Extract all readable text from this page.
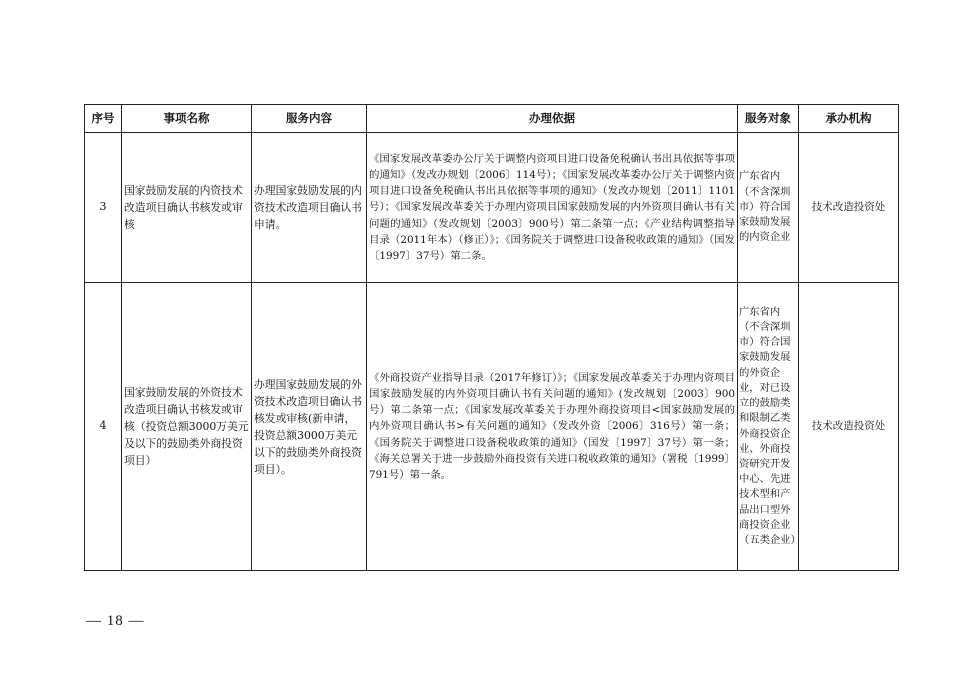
序号	事项名称	服务内容	办理依据	服务对象	承办机构
3	国家鼓励发展的内资技术改造项目确认书核发或审核	办理国家鼓励发展的内资技术改造项目确认书申请。	《国家发展改革委办公厅关于调整内资项目进口设备免税确认书出具依据等事项的通知》（发改办规划〔2006〕114号）；《国家发展改革委办公厅关于调整内资项目进口设备免税确认书出具依据等事项的通知》（发改办规划〔2011〕1101号）；《国家发展改革委关于办理内资项目国家鼓励发展的内外资项目确认书有关问题的通知》（发改规划〔2003〕900号）第二条第一点；《产业结构调整指导目录（2011年本）（修正）》；《国务院关于调整进口设备税收政策的通知》（国发〔1997〕37号）第二条。	广东省内（不含深圳市）符合国家鼓励发展的内资企业	技术改造投资处
4	国家鼓励发展的外资技术改造项目确认书核发或审核（投资总额3000万美元及以下的鼓励类外商投资项目）	办理国家鼓励发展的外资技术改造项目确认书核发或审核(新申请，投资总额3000万美元以下的鼓励类外商投资项目）。	《外商投资产业指导目录（2017年修订）》；《国家发展改革委关于办理内资项目国家鼓励发展的内外资项目确认书有关问题的通知》(发改规划〔2003〕900号）第二条第一点；《国家发展改革委关于办理外商投资项目<国家鼓励发展的内外资项目确认书>有关问题的通知》（发改外资〔2006〕316号）第一条；《国务院关于调整进口设备税收政策的通知》（国发〔1997〕37号）第一条；《海关总署关于进一步鼓励外商投资有关进口税收政策的通知》（署税〔1999〕791号）第一条。	广东省内（不含深圳市）符合国家鼓励发展的外资企业，对已设立的鼓励类和限制乙类外商投资企业、外商投资研究开发中心、先进技术型和产品出口型外商投资企业（五类企业）	技术改造投资处
— 18 —
